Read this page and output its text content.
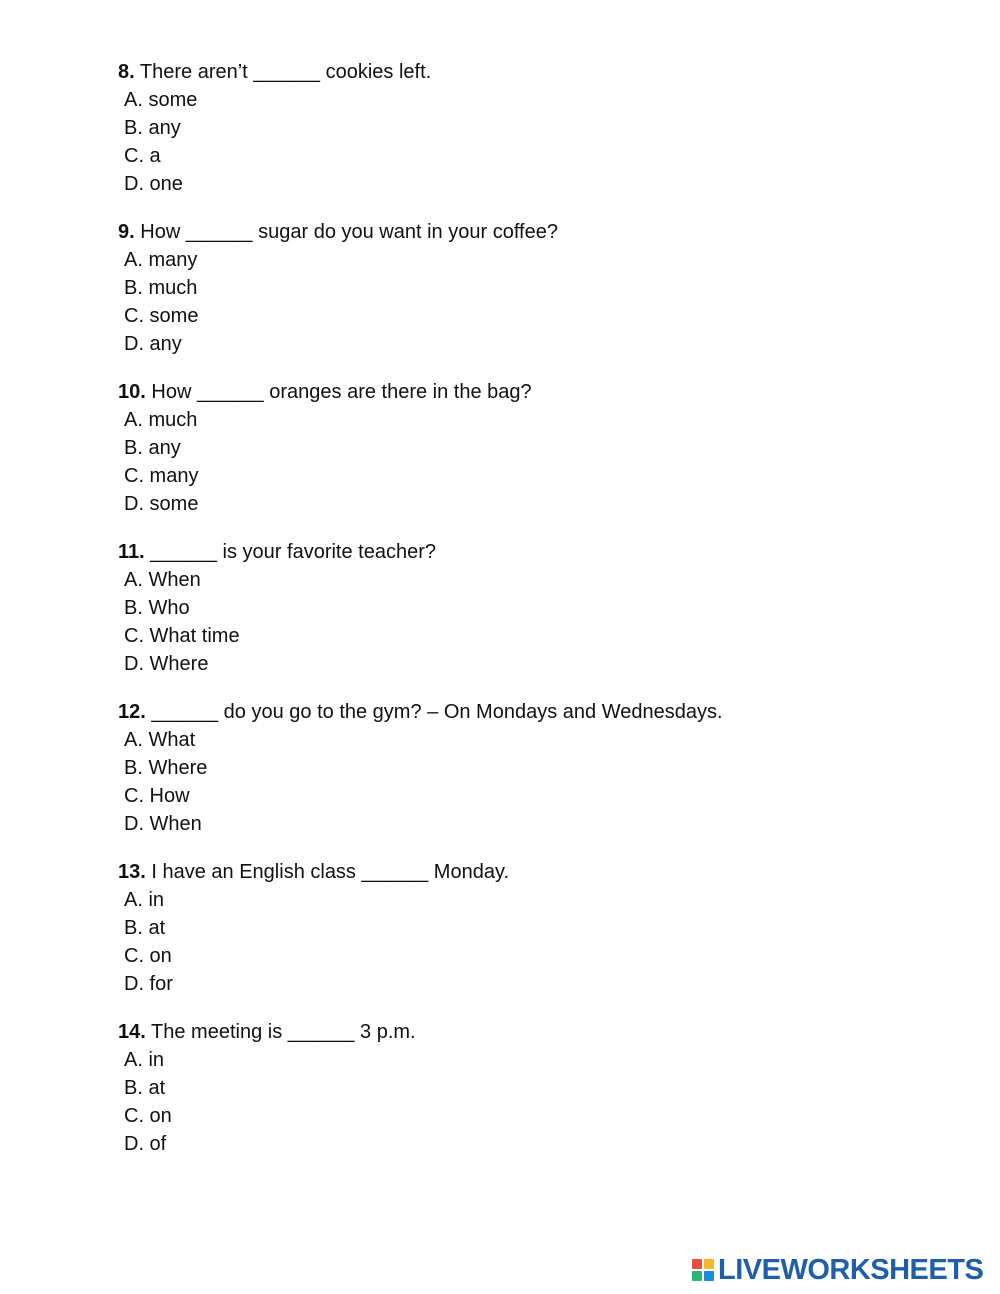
8. There aren’t ______ cookies left.
A. some
B. any
C. a
D. one
9. How ______ sugar do you want in your coffee?
A. many
B. much
C. some
D. any
10. How ______ oranges are there in the bag?
A. much
B. any
C. many
D. some
11. ______ is your favorite teacher?
A. When
B. Who
C. What time
D. Where
12. ______ do you go to the gym? – On Mondays and Wednesdays.
A. What
B. Where
C. How
D. When
13. I have an English class ______ Monday.
A. in
B. at
C. on
D. for
14. The meeting is ______ 3 p.m.
A. in
B. at
C. on
D. of
LIVEWORKSHEETS
